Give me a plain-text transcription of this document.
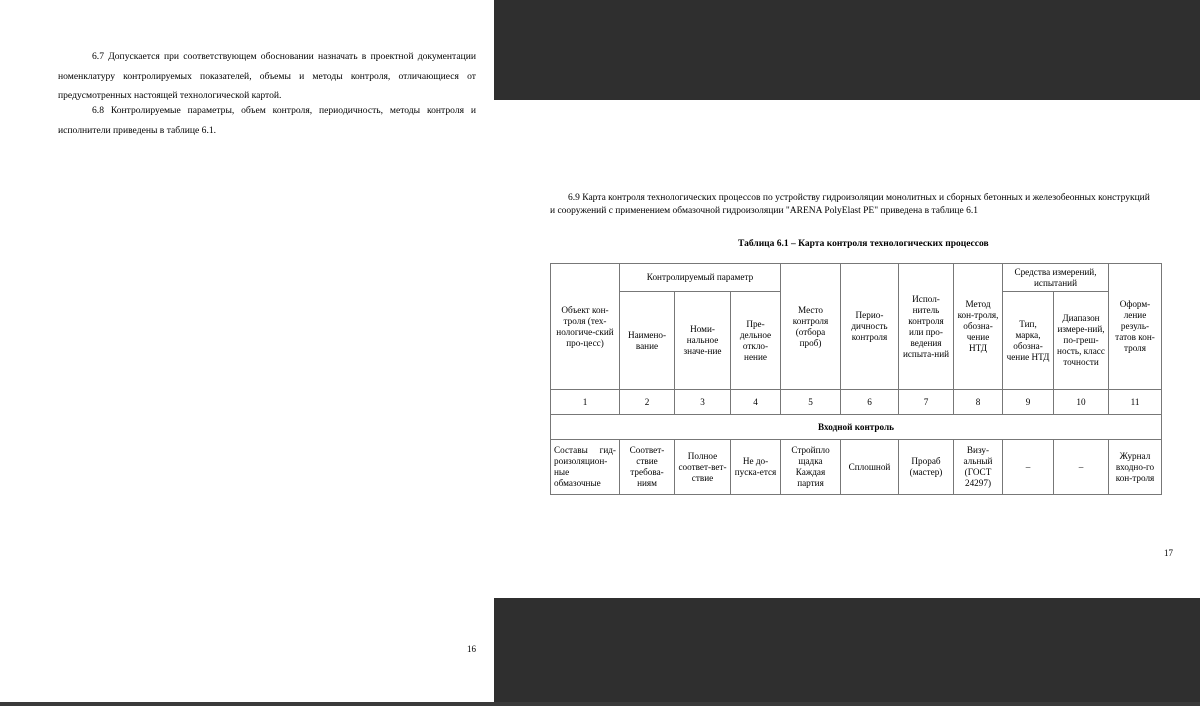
6.7 Допускается при соответствующем обосновании назначать в проектной документации номенклатуру контролируемых показателей, объемы и методы контроля, отличающиеся от предусмотренных настоящей технологической картой.
6.8 Контролируемые параметры, объем контроля, периодичность, методы контроля и исполнители приведены в таблице 6.1.
16
6.9 Карта контроля технологических процессов по устройству гидроизоляции монолитных и сборных бетонных и железобеонных конструкций и сооружений с применением обмазочной гидроизоляции "ARENA PolyElast PE" приведена в таблице 6.1
Таблица 6.1 – Карта контроля технологических процессов
Объект кон-троля (тех-нологиче-ский про-цесс)	Контролируемый параметр			Место контроля (отбора проб)	Перио-дичность контроля	Испол-нитель контроля или про-ведения испыта-ний	Метод кон-троля, обозна-чение НТД	Средства измерений, испытаний		Оформ-ление резуль-татов кон-троля
	Наимено-вание	Номи-нальное значе-ние	Пре-дельное откло-нение					Тип, марка, обозна-чение НТД	Диапазон измере-ний, по-греш-ность, класс точности	
1	2	3	4	5	6	7	8	9	10	11
Входной контроль										
Составы гид-роизоляцион-ные обмазочные	Соответ-ствие требова-ниям	Полное соответ-вет-ствие	Не до-пуска-ется	Стройпло щадка Каждая партия	Сплошной	Прораб (мастер)	Визу-альный (ГОСТ 24297)	–	–	Журнал входно-го кон-троля
17
